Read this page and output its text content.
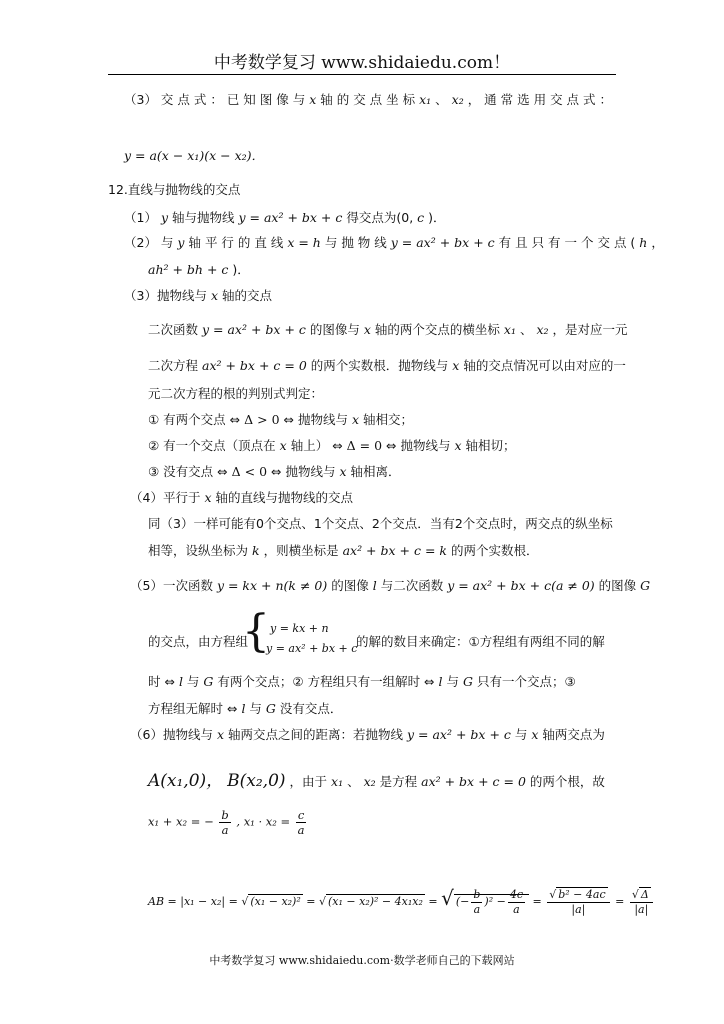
中考数学复习 www.shidaiedu.com！
（3） 交 点 式 ： 已 知 图 像 与 x 轴 的 交 点 坐 标 x₁ 、 x₂ ， 通 常 选 用 交 点 式 ：
y = a(x − x₁)(x − x₂)．
12.直线与抛物线的交点
（1） y 轴与抛物线 y = ax² + bx + c 得交点为(0, c )．
（2） 与 y 轴 平 行 的 直 线 x = h 与 抛 物 线 y = ax² + bx + c 有 且 只 有 一 个 交 点 ( h ，
ah² + bh + c )．
（3）抛物线与 x 轴的交点
二次函数 y = ax² + bx + c 的图像与 x 轴的两个交点的横坐标 x₁ 、 x₂ ，是对应一元
二次方程 ax² + bx + c = 0 的两个实数根．抛物线与 x 轴的交点情况可以由对应的一
元二次方程的根的判别式判定：
① 有两个交点 ⇔ Δ > 0 ⇔ 抛物线与 x 轴相交；
② 有一个交点（顶点在 x 轴上） ⇔ Δ = 0 ⇔ 抛物线与 x 轴相切；
③ 没有交点 ⇔ Δ < 0 ⇔ 抛物线与 x 轴相离．
（4）平行于 x 轴的直线与抛物线的交点
同（3）一样可能有0个交点、1个交点、2个交点．当有2个交点时，两交点的纵坐标
相等，设纵坐标为 k ，则横坐标是 ax² + bx + c = k 的两个实数根．
（5）一次函数 y = kx + n(k ≠ 0) 的图像 l 与二次函数 y = ax² + bx + c(a ≠ 0) 的图像 G
{ y = kx + n
y = ax² + bx + c
的交点，由方程组	的解的数目来确定：①方程组有两组不同的解
时 ⇔ l 与 G 有两个交点；② 方程组只有一组解时 ⇔ l 与 G 只有一个交点；③
方程组无解时 ⇔ l 与 G 没有交点．
（6）抛物线与 x 轴两交点之间的距离：若抛物线 y = ax² + bx + c 与 x 轴两交点为
A(x₁,0)， B(x₂,0) ，由于 x₁ 、 x₂ 是方程 ax² + bx + c = 0 的两个根，故
x₁ + x₂ = − $\frac{b}{a}$ , $x_1 \cdot x_2 = \frac{c}{a}$
AB = |x₁ − x₂| = √ (x₁ − x₂)² = √ (x₁ − x₂)² − 4x₁x₂ = √ (− $\frac{b}{a} )^2 - \frac{4c}{a} = \frac{\text{√ b² − 4ac}}{|a|} = \frac{√ \Delta}{|a|}$
中考数学复习 www.shidaiedu.com·数学老师自己的下载网站
